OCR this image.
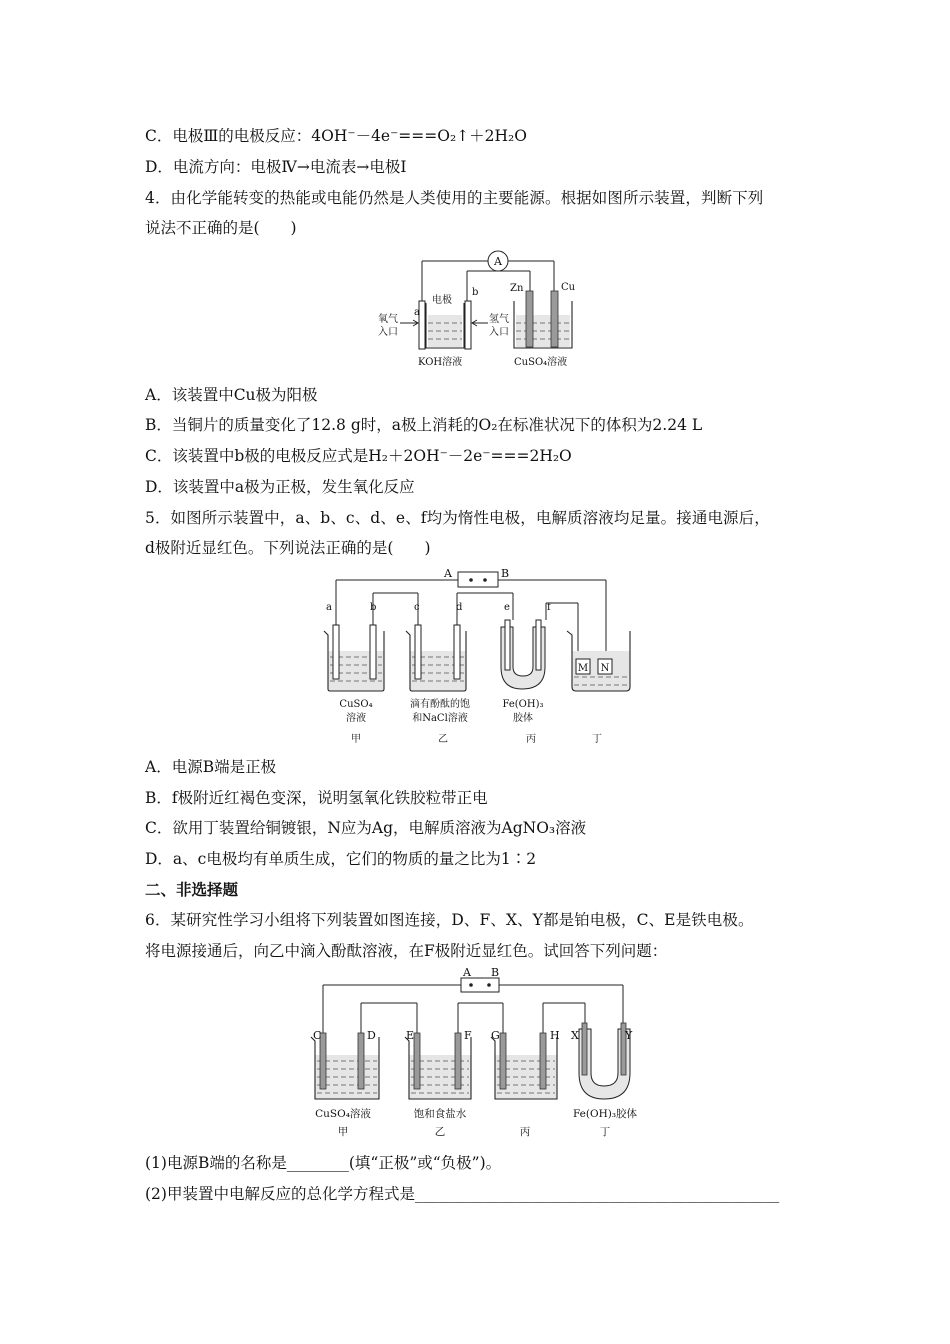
C．电极Ⅲ的电极反应：4OH⁻－4e⁻===O₂↑＋2H₂O
D．电流方向：电极Ⅳ→电流表→电极Ⅰ
4．由化学能转变的热能或电能仍然是人类使用的主要能源。根据如图所示装置，判断下列
说法不正确的是(　　)
A
a
b
电极
氧气
入口
氢气
入口
KOH溶液
Zn	Cu
CuSO₄溶液
A．该装置中Cu极为阳极
B．当铜片的质量变化了12.8 g时，a极上消耗的O₂在标准状况下的体积为2.24 L
C．该装置中b极的电极反应式是H₂＋2OH⁻－2e⁻===2H₂O
D．该装置中a极为正极，发生氧化反应
5．如图所示装置中，a、b、c、d、e、f均为惰性电极，电解质溶液均足量。接通电源后，
d极附近显红色。下列说法正确的是(　　)
A	B
a	b	c	d	e	f
M N
CuSO₄
溶液
滴有酚酞的饱
和NaCl溶液
Fe(OH)₃
胶体
甲	乙	丙	丁
A．电源B端是正极
B．f极附近红褐色变深，说明氢氧化铁胶粒带正电
C．欲用丁装置给铜镀银，N应为Ag，电解质溶液为AgNO₃溶液
D．a、c电极均有单质生成，它们的物质的量之比为1∶2
二、非选择题
6．某研究性学习小组将下列装置如图连接，D、F、X、Y都是铂电极，C、E是铁电极。
将电源接通后，向乙中滴入酚酞溶液，在F极附近显红色。试回答下列问题：
A B
C	D	E	F G	H X	Y
CuSO₄溶液	饱和食盐水	Fe(OH)₃胶体
甲	乙	丙	丁
(1)电源B端的名称是________(填“正极”或“负极”)。
(2)甲装置中电解反应的总化学方程式是_______________________________________________
